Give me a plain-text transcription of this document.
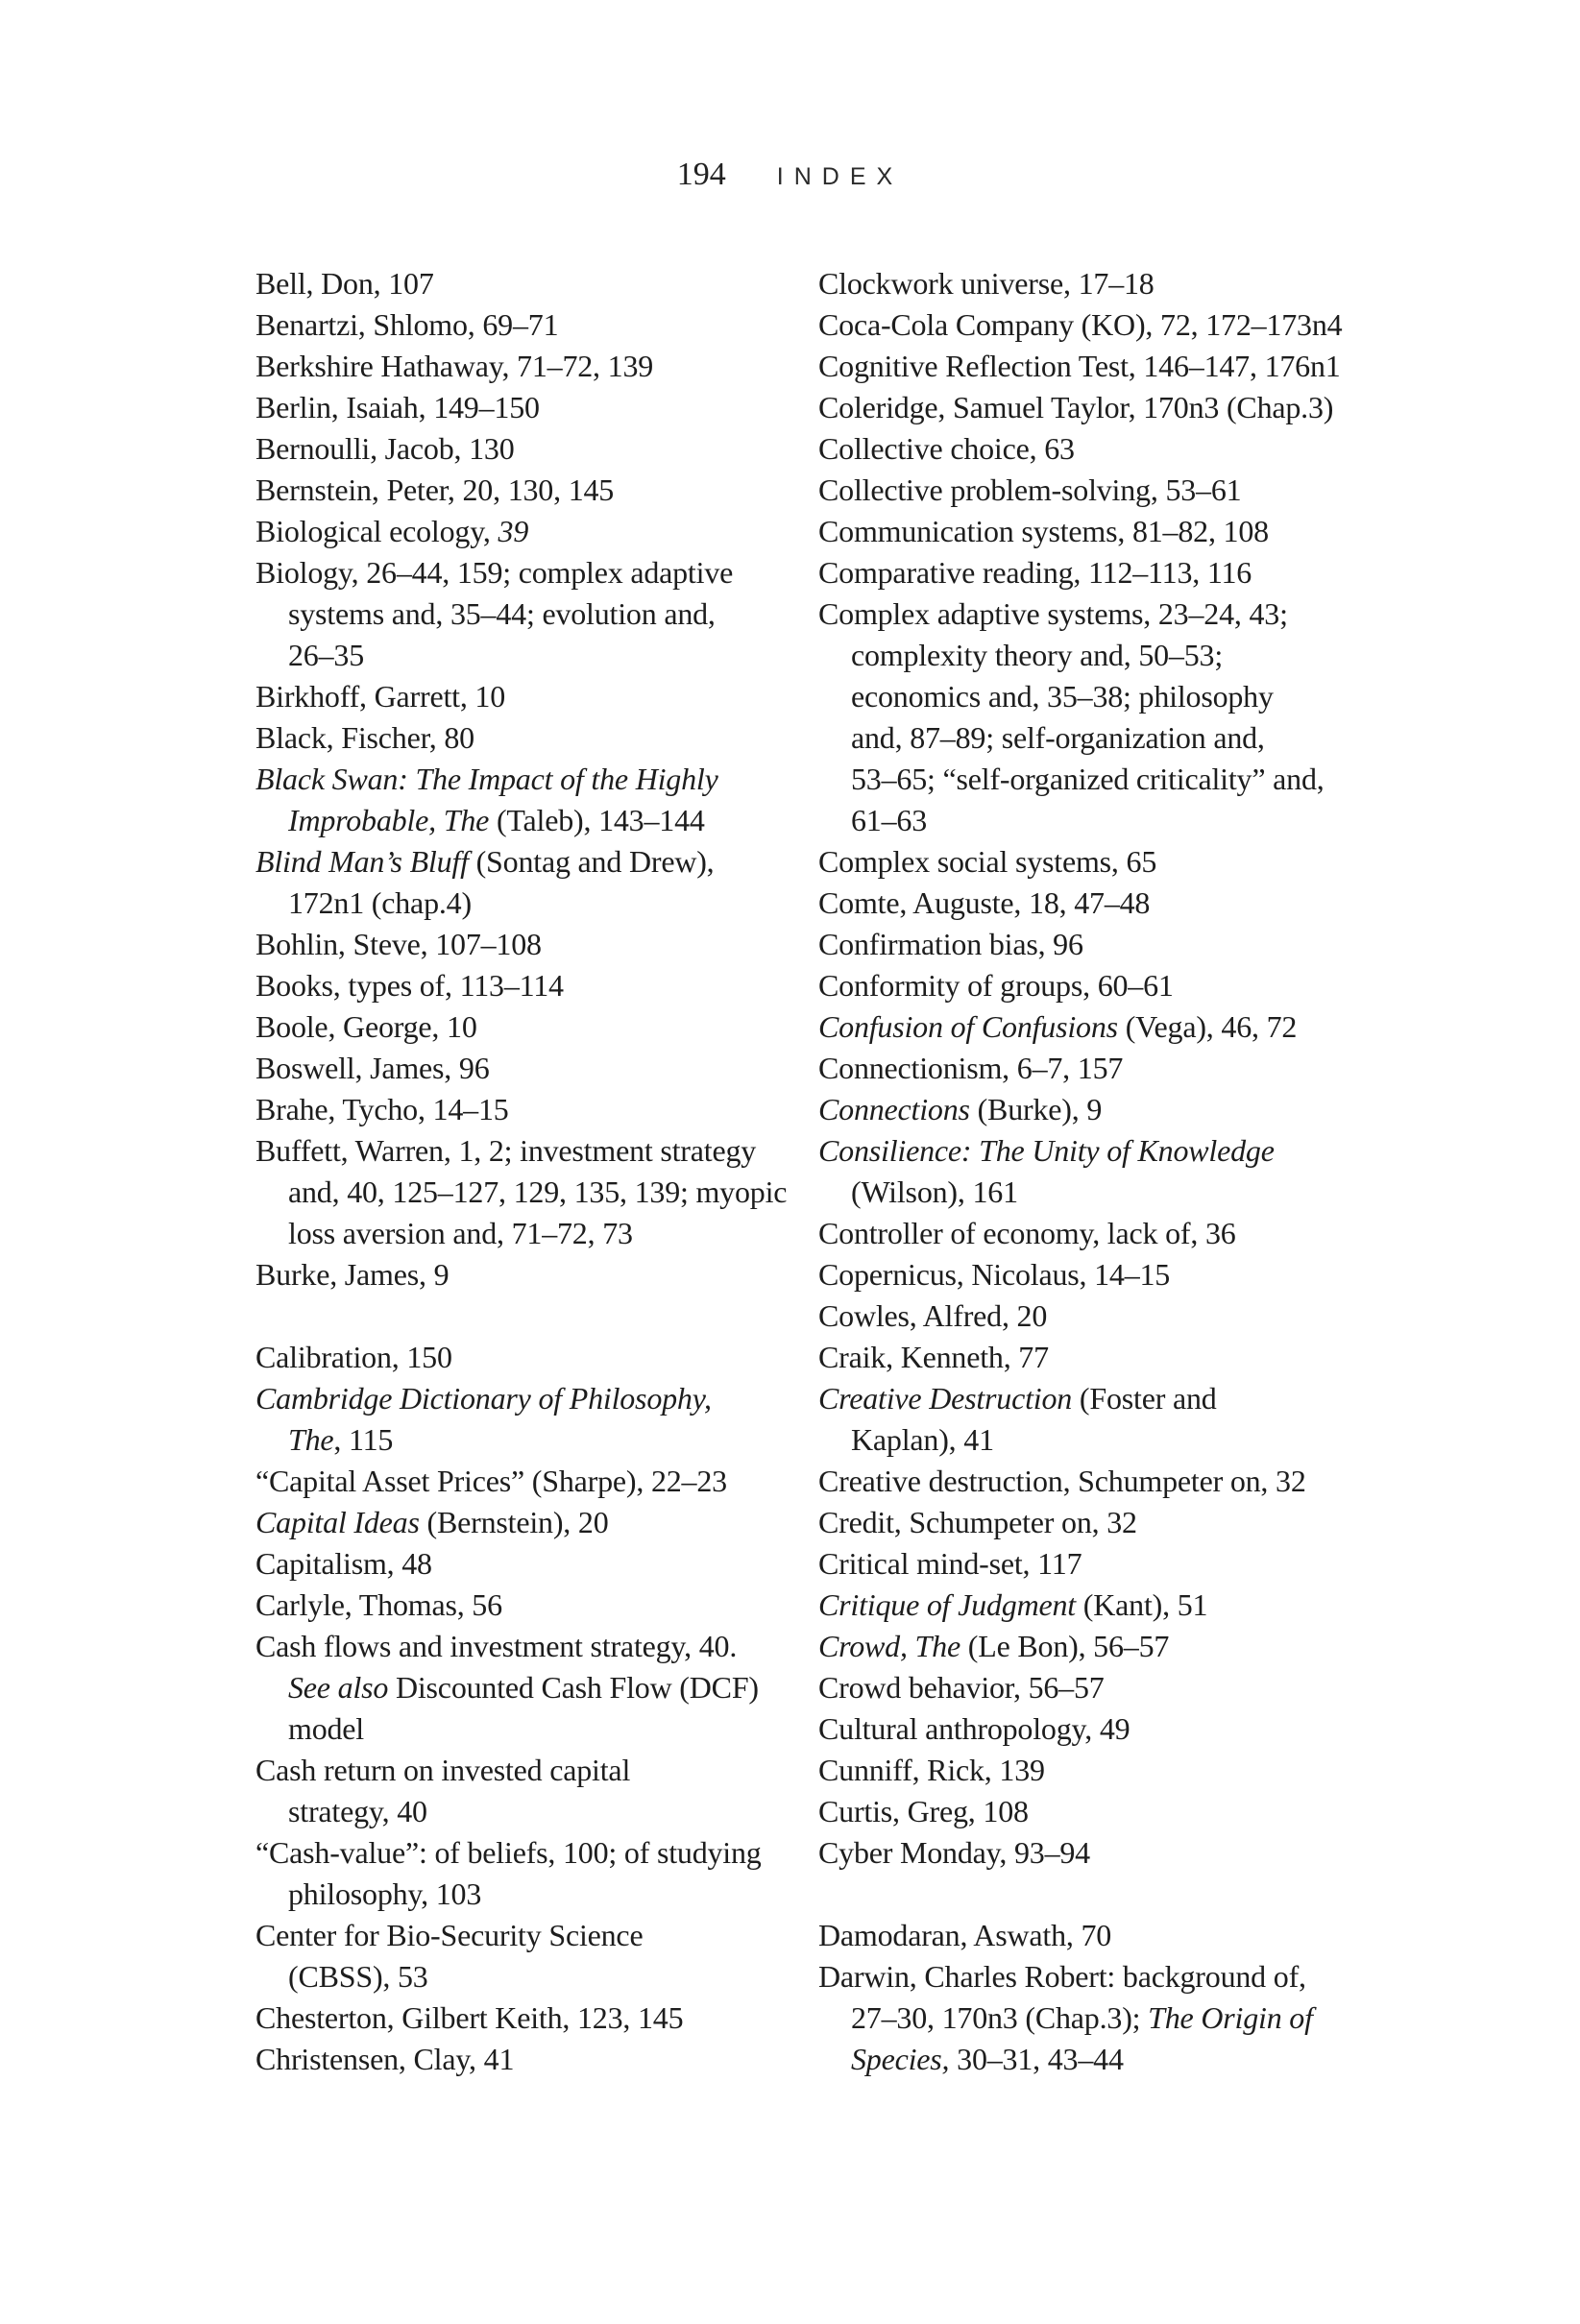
194	INDEX
Bell, Don, 107
Benartzi, Shlomo, 69–71
Berkshire Hathaway, 71–72, 139
Berlin, Isaiah, 149–150
Bernoulli, Jacob, 130
Bernstein, Peter, 20, 130, 145
Biological ecology, 39
Biology, 26–44, 159; complex adaptive
systems and, 35–44; evolution and,
26–35
Birkhoff, Garrett, 10
Black, Fischer, 80
Black Swan: The Impact of the Highly
Improbable, The (Taleb), 143–144
Blind Man’s Bluff (Sontag and Drew),
172n1 (chap.4)
Bohlin, Steve, 107–108
Books, types of, 113–114
Boole, George, 10
Boswell, James, 96
Brahe, Tycho, 14–15
Buffett, Warren, 1, 2; investment strategy
and, 40, 125–127, 129, 135, 139; myopic
loss aversion and, 71–72, 73
Burke, James, 9
Calibration, 150
Cambridge Dictionary of Philosophy,
The, 115
“Capital Asset Prices” (Sharpe), 22–23
Capital Ideas (Bernstein), 20
Capitalism, 48
Carlyle, Thomas, 56
Cash flows and investment strategy, 40.
See also Discounted Cash Flow (DCF)
model
Cash return on invested capital
strategy, 40
“Cash-value”: of beliefs, 100; of studying
philosophy, 103
Center for Bio-Security Science
(CBSS), 53
Chesterton, Gilbert Keith, 123, 145
Christensen, Clay, 41
Clockwork universe, 17–18
Coca-Cola Company (KO), 72, 172–173n4
Cognitive Reflection Test, 146–147, 176n1
Coleridge, Samuel Taylor, 170n3 (Chap.3)
Collective choice, 63
Collective problem-solving, 53–61
Communication systems, 81–82, 108
Comparative reading, 112–113, 116
Complex adaptive systems, 23–24, 43;
complexity theory and, 50–53;
economics and, 35–38; philosophy
and, 87–89; self-organization and,
53–65; “self-organized criticality” and,
61–63
Complex social systems, 65
Comte, Auguste, 18, 47–48
Confirmation bias, 96
Conformity of groups, 60–61
Confusion of Confusions (Vega), 46, 72
Connectionism, 6–7, 157
Connections (Burke), 9
Consilience: The Unity of Knowledge
(Wilson), 161
Controller of economy, lack of, 36
Copernicus, Nicolaus, 14–15
Cowles, Alfred, 20
Craik, Kenneth, 77
Creative Destruction (Foster and
Kaplan), 41
Creative destruction, Schumpeter on, 32
Credit, Schumpeter on, 32
Critical mind-set, 117
Critique of Judgment (Kant), 51
Crowd, The (Le Bon), 56–57
Crowd behavior, 56–57
Cultural anthropology, 49
Cunniff, Rick, 139
Curtis, Greg, 108
Cyber Monday, 93–94
Damodaran, Aswath, 70
Darwin, Charles Robert: background of,
27–30, 170n3 (Chap.3); The Origin of
Species, 30–31, 43–44
